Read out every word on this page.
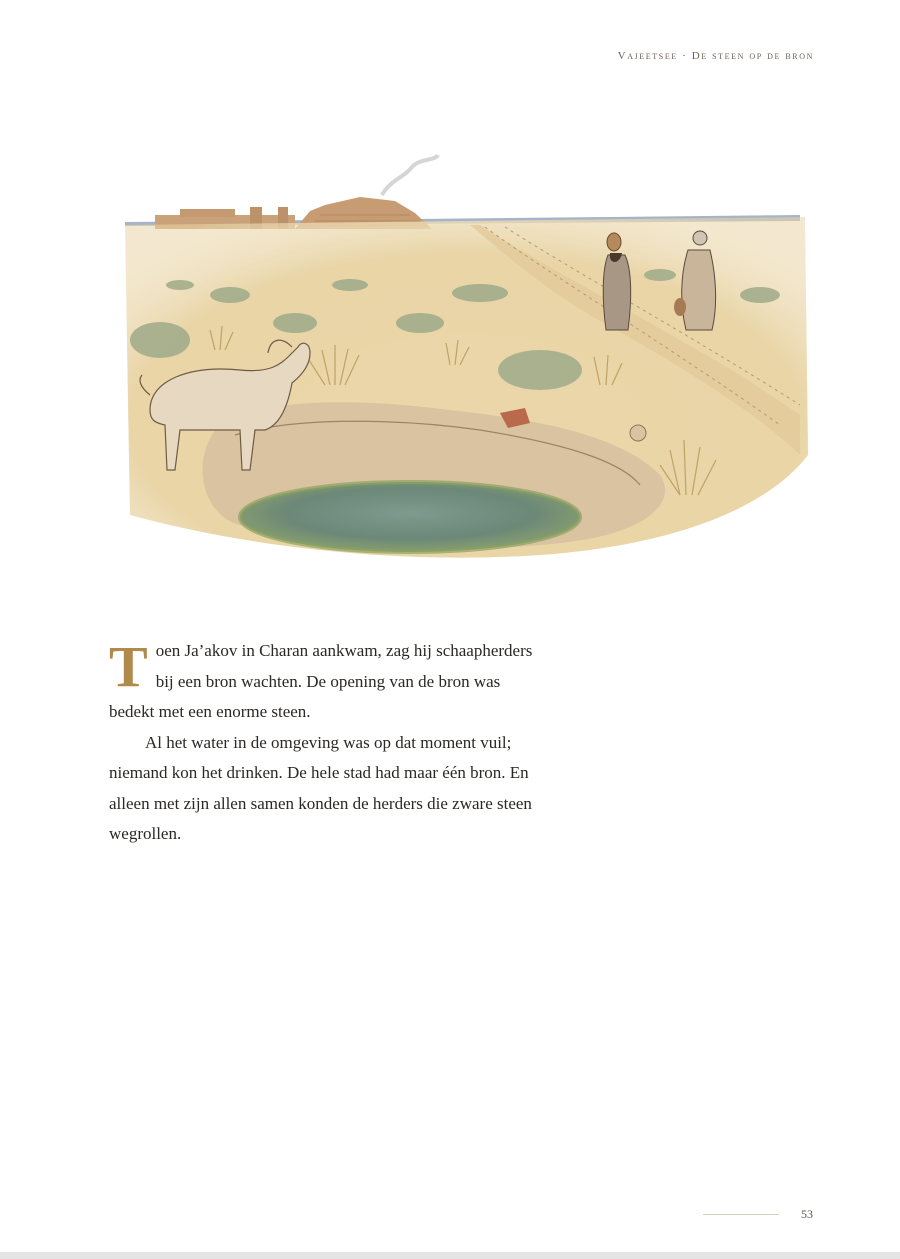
Vajeetsee · De steen op de bron

Toen Ja’akov in Charan aankwam, zag hij schaapherders bij een bron wachten. De opening van de bron was bedekt met een enorme steen.

Al het water in de omgeving was op dat moment vuil; niemand kon het drinken. De hele stad had maar één bron. En alleen met zijn allen samen konden de herders die zware steen wegrollen.

53
